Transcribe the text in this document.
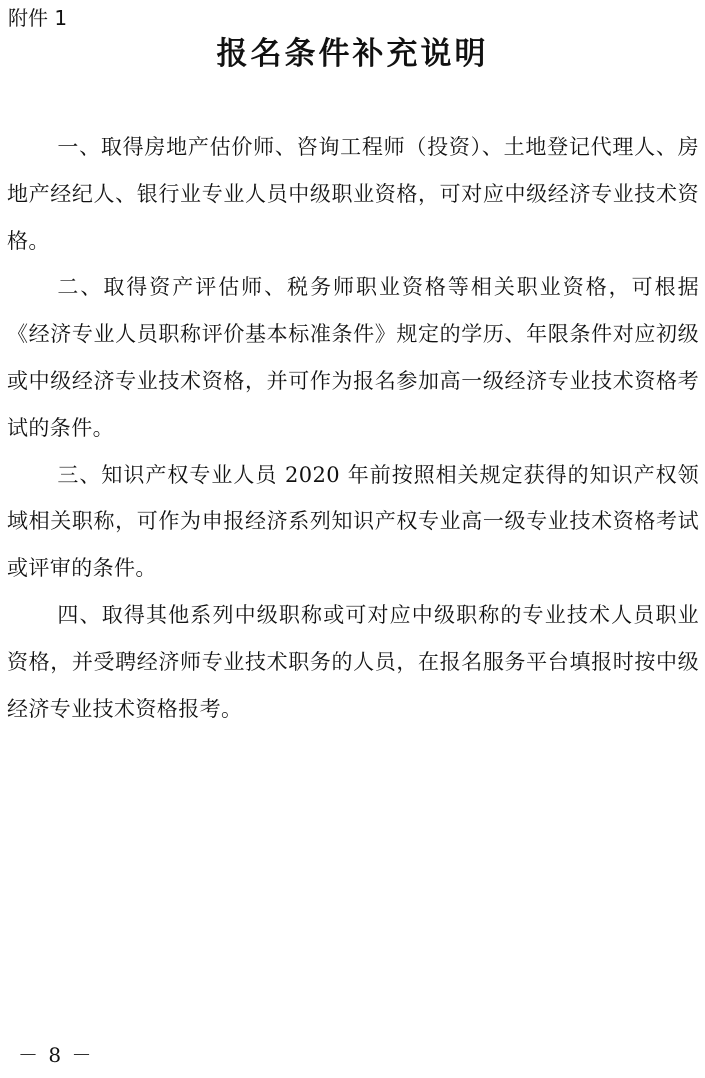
附件 1
报名条件补充说明

一、取得房地产估价师、咨询工程师（投资）、土地登记代理人、房地产经纪人、银行业专业人员中级职业资格，可对应中级经济专业技术资格。

二、取得资产评估师、税务师职业资格等相关职业资格，可根据《经济专业人员职称评价基本标准条件》规定的学历、年限条件对应初级或中级经济专业技术资格，并可作为报名参加高一级经济专业技术资格考试的条件。

三、知识产权专业人员 2020 年前按照相关规定获得的知识产权领域相关职称，可作为申报经济系列知识产权专业高一级专业技术资格考试或评审的条件。

四、取得其他系列中级职称或可对应中级职称的专业技术人员职业资格，并受聘经济师专业技术职务的人员，在报名服务平台填报时按中级经济专业技术资格报考。

－ 8 －
